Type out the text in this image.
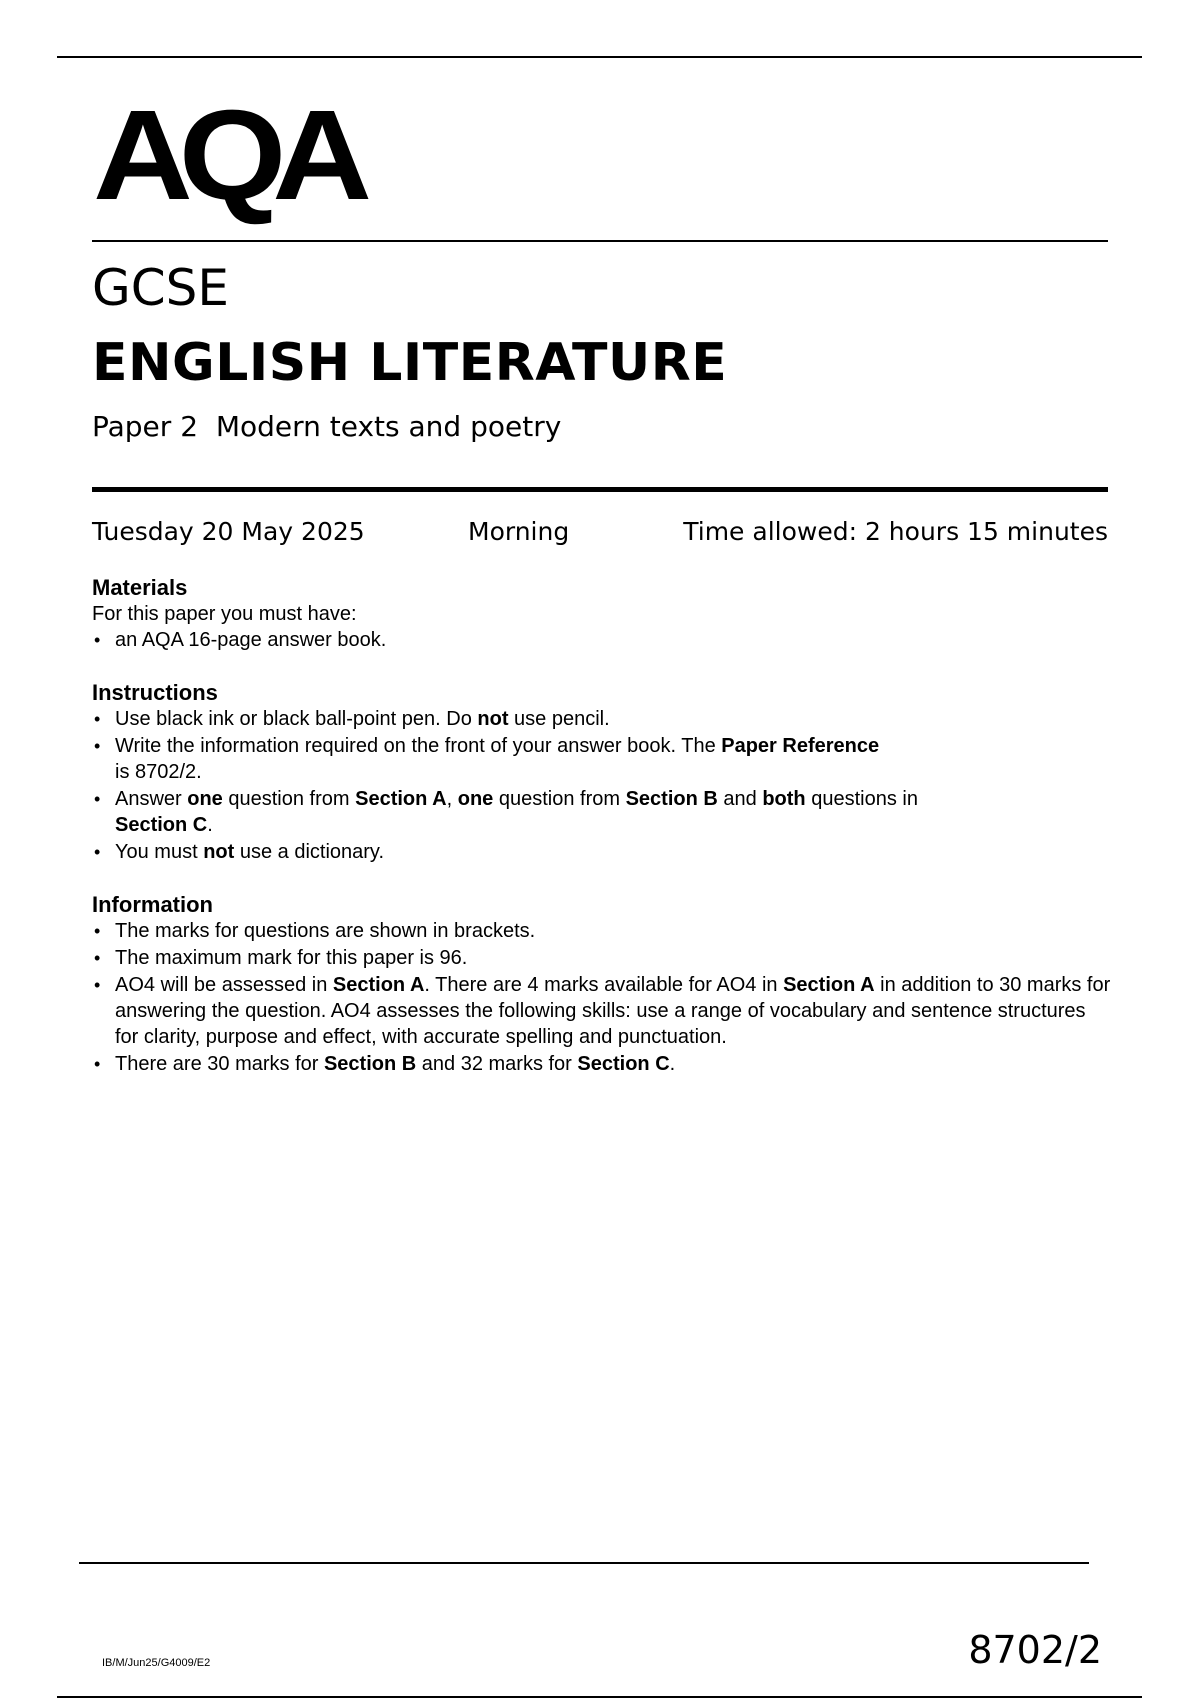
AQA
GCSE
ENGLISH LITERATURE
Paper 2  Modern texts and poetry
Tuesday 20 May 2025	Morning	Time allowed: 2 hours 15 minutes
Materials

For this paper you must have:

• an AQA 16-page answer book.
Instructions
• Use black ink or black ball-point pen. Do not use pencil.
• Write the information required on the front of your answer book. The Paper Reference
is 8702/2.
• Answer one question from Section A, one question from Section B and both questions in
Section C.
• You must not use a dictionary.
Information
• The marks for questions are shown in brackets.
• The maximum mark for this paper is 96.
• AO4 will be assessed in Section A. There are 4 marks available for AO4 in Section A in addition to 30 marks for answering the question. AO4 assesses the following skills: use a range of vocabulary and sentence structures for clarity, purpose and effect, with accurate spelling and punctuation.
• There are 30 marks for Section B and 32 marks for Section C.
IB/M/Jun25/G4009/E2	8702/2
